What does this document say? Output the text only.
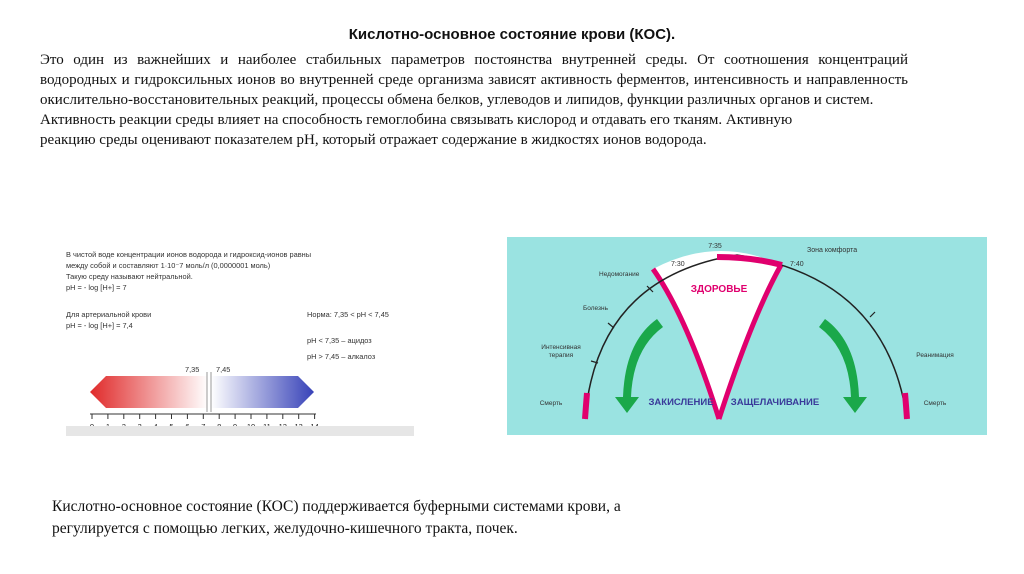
Кислотно-основное состояние крови (КОС).

Это один из важнейших и наиболее стабильных параметров постоянства внутренней среды. От соотношения концентраций водородных и гидроксильных ионов во внутренней среде организма зависят активность ферментов, интенсивность и направленность окислительно-восстановительных реакций, процессы обмена белков, углеводов и липидов, функции различных органов и систем.

Активность реакции среды влияет на способность гемоглобина связывать кислород и отдавать его тканям. Активную

реакцию среды оценивают показателем pH, который отражает содержание в жидкостях ионов водорода.

В чистой воде концентрации ионов водорода и гидроксид-ионов равны
между собой и составляют 1·10⁻7 моль/л (0,0000001 моль)
Такую среду называют нейтральной.
pH = - log [H+] = 7
Для артериальной крови
pH = - log [H+] = 7,4
Норма: 7,35 < pH < 7,45
pH < 7,35 – ацидоз
pH > 7,45 – алкалоз
7,35 7,45
ЗДОРОВЬЕ
ЗАКИСЛЕНИЕ ЗАЩЕЛАЧИВАНИЕ
Зона комфорта
7:35
7:30	7:40
Недомогание
Болезнь
Интенсивная
терапия
Смерть
Реанимация
Смерть

Кислотно-основное состояние (КОС) поддерживается буферными системами крови, а

регулируется с помощью легких, желудочно-кишечного тракта, почек.
